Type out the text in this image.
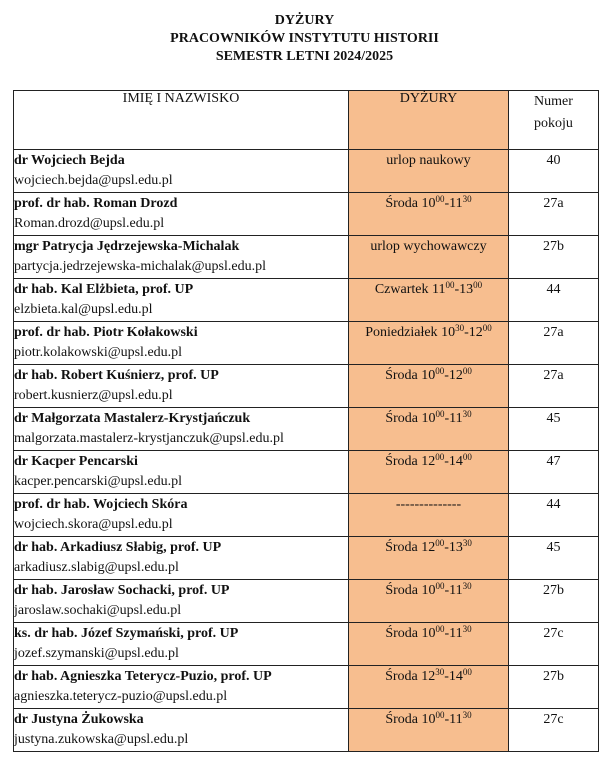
DYŻURY
PRACOWNIKÓW INSTYTUTU HISTORII
SEMESTR LETNI 2024/2025
IMIĘ I NAZWISKO	DYŻURY	Numer
pokoju

dr Wojciech Bejda
wojciech.bejda@upsl.edu.pl	urlop naukowy	40

prof. dr hab. Roman Drozd
Roman.drozd@upsl.edu.pl	Środa $10^{00}-11^{30}$	27a

mgr Patrycja Jędrzejewska-Michalak
partycja.jedrzejewska-michalak@upsl.edu.pl	urlop wychowawczy	27b

dr hab. Kal Elżbieta, prof. UP
elzbieta.kal@upsl.edu.pl	Czwartek $11^{00}-13^{00}$	44

prof. dr hab. Piotr Kołakowski
piotr.kolakowski@upsl.edu.pl	Poniedziałek $10^{30}-12^{00}$	27a

dr hab. Robert Kuśnierz, prof. UP
robert.kusnierz@upsl.edu.pl	Środa $10^{00}-12^{00}$	27a

dr Małgorzata Mastalerz-Krystjańczuk
malgorzata.mastalerz-krystjanczuk@upsl.edu.pl	Środa $10^{00}-11^{30}$	45

dr Kacper Pencarski
kacper.pencarski@upsl.edu.pl	Środa $12^{00}-14^{00}$	47

prof. dr hab. Wojciech Skóra
wojciech.skora@upsl.edu.pl	--------------	44

dr hab. Arkadiusz Słabig, prof. UP
arkadiusz.slabig@upsl.edu.pl	Środa $12^{00}-13^{30}$	45

dr hab. Jarosław Sochacki, prof. UP
jaroslaw.sochaki@upsl.edu.pl	Środa $10^{00}-11^{30}$	27b

ks. dr hab. Józef Szymański, prof. UP
jozef.szymanski@upsl.edu.pl	Środa $10^{00}-11^{30}$	27c

dr hab. Agnieszka Teterycz-Puzio, prof. UP
agnieszka.teterycz-puzio@upsl.edu.pl	Środa $12^{30}-14^{00}$	27b

dr Justyna Żukowska
justyna.zukowska@upsl.edu.pl	Środa $10^{00}-11^{30}$	27c
